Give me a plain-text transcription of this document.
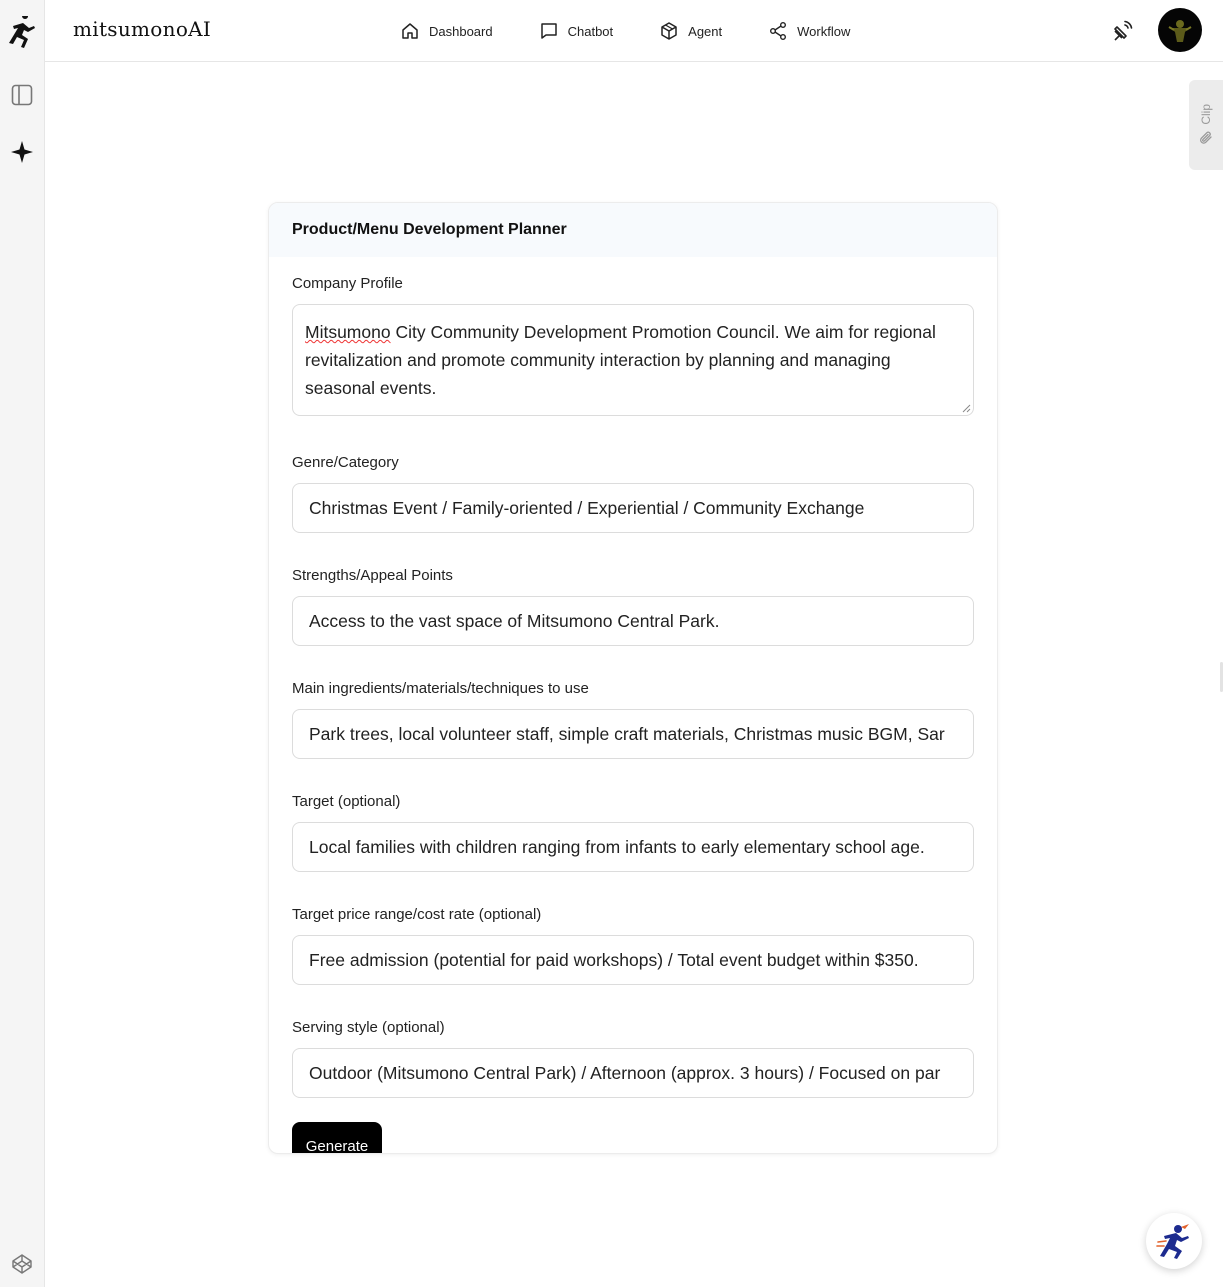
mitsumonoAI	Dashboard	Chatbot	Agent	Workflow
Clip
Product/Menu Development Planner
Company Profile
Mitsumono City Community Development Promotion Council. We aim for regional revitalization and promote community interaction by planning and managing seasonal events.
Genre/Category
Christmas Event / Family-oriented / Experiential / Community Exchange
Strengths/Appeal Points
Access to the vast space of Mitsumono Central Park.
Main ingredients/materials/techniques to use
Park trees, local volunteer staff, simple craft materials, Christmas music BGM, Sar
Target (optional)
Local families with children ranging from infants to early elementary school age.
Target price range/cost rate (optional)
Free admission (potential for paid workshops) / Total event budget within $350.
Serving style (optional)
Outdoor (Mitsumono Central Park) / Afternoon (approx. 3 hours) / Focused on par
Generate
